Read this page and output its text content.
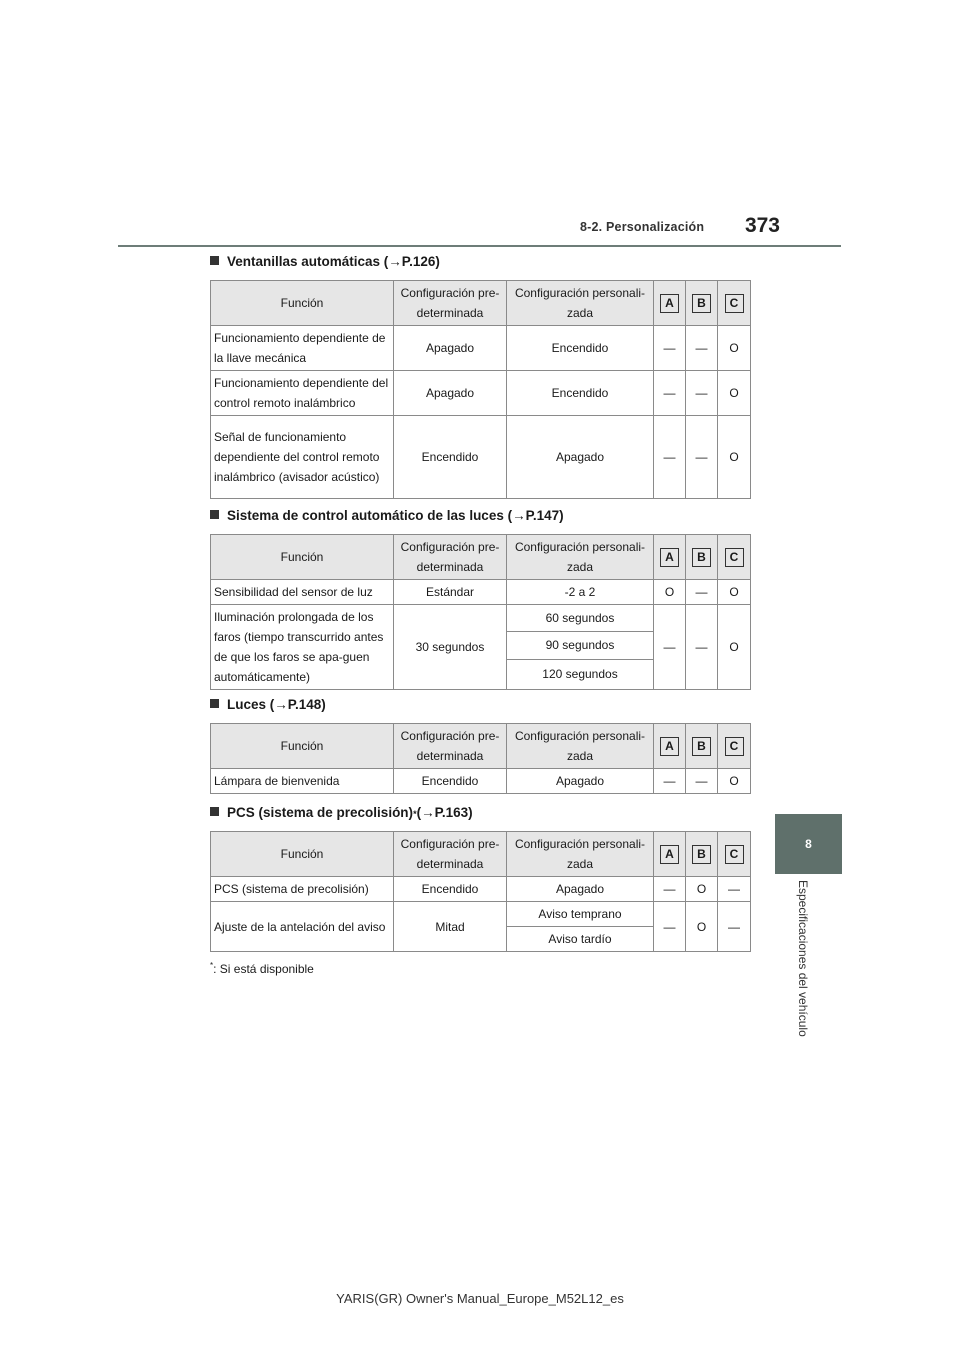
8-2. Personalización 373
8
Especificaciones del vehículo
Ventanillas automáticas (→P.126)
Función	Configuración pre-determinada	Configuración personali-zada	A	B	C
Funcionamiento dependiente de la llave mecánica	Apagado	Encendido	—	—	O
Funcionamiento dependiente del control remoto inalámbrico	Apagado	Encendido	—	—	O
Señal de funcionamiento dependiente del control remoto inalámbrico (avisador acústico)	Encendido	Apagado	—	—	O
Sistema de control automático de las luces (→P.147)
Función	Configuración pre-determinada	Configuración personali-zada	A	B	C
Sensibilidad del sensor de luz	Estándar	-2 a 2	O	—	O
Iluminación prolongada de los faros (tiempo transcurrido antes de que los faros se apa-guen automáticamente)	30 segundos	60 segundos	—	—	O
		90 segundos			
		120 segundos			
Luces (→P.148)
Función	Configuración pre-determinada	Configuración personali-zada	A	B	C
Lámpara de bienvenida	Encendido	Apagado	—	—	O
PCS (sistema de precolisión) * (→P.163)
Función	Configuración pre-determinada	Configuración personali-zada	A	B	C
PCS (sistema de precolisión)	Encendido	Apagado	—	O	—
Ajuste de la antelación del aviso	Mitad	Aviso temprano	—	O	—
		Aviso tardío			
*: Si está disponible
YARIS(GR) Owner's Manual_Europe_M52L12_es
